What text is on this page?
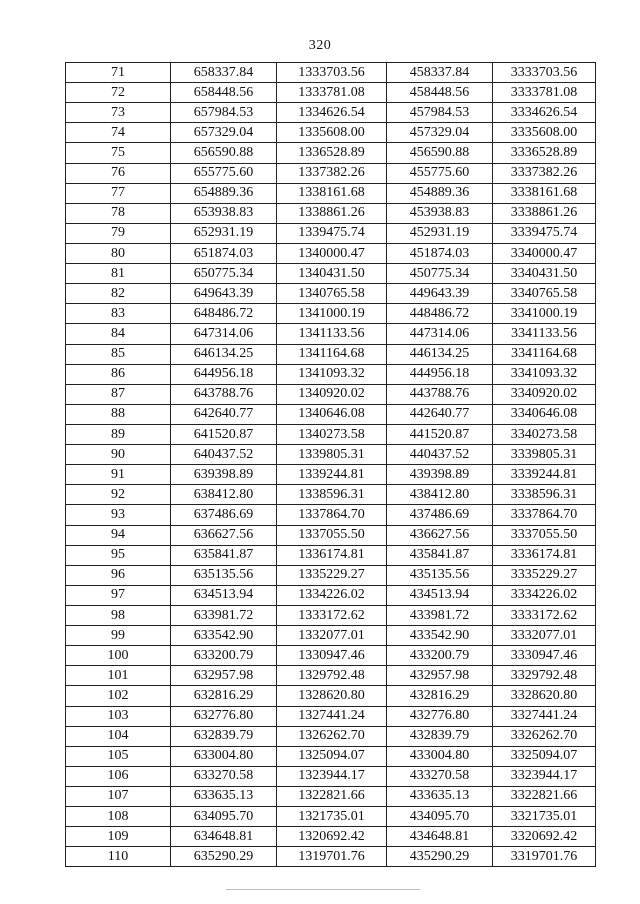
320
71	658337.84	1333703.56	458337.84	3333703.56
72	658448.56	1333781.08	458448.56	3333781.08
73	657984.53	1334626.54	457984.53	3334626.54
74	657329.04	1335608.00	457329.04	3335608.00
75	656590.88	1336528.89	456590.88	3336528.89
76	655775.60	1337382.26	455775.60	3337382.26
77	654889.36	1338161.68	454889.36	3338161.68
78	653938.83	1338861.26	453938.83	3338861.26
79	652931.19	1339475.74	452931.19	3339475.74
80	651874.03	1340000.47	451874.03	3340000.47
81	650775.34	1340431.50	450775.34	3340431.50
82	649643.39	1340765.58	449643.39	3340765.58
83	648486.72	1341000.19	448486.72	3341000.19
84	647314.06	1341133.56	447314.06	3341133.56
85	646134.25	1341164.68	446134.25	3341164.68
86	644956.18	1341093.32	444956.18	3341093.32
87	643788.76	1340920.02	443788.76	3340920.02
88	642640.77	1340646.08	442640.77	3340646.08
89	641520.87	1340273.58	441520.87	3340273.58
90	640437.52	1339805.31	440437.52	3339805.31
91	639398.89	1339244.81	439398.89	3339244.81
92	638412.80	1338596.31	438412.80	3338596.31
93	637486.69	1337864.70	437486.69	3337864.70
94	636627.56	1337055.50	436627.56	3337055.50
95	635841.87	1336174.81	435841.87	3336174.81
96	635135.56	1335229.27	435135.56	3335229.27
97	634513.94	1334226.02	434513.94	3334226.02
98	633981.72	1333172.62	433981.72	3333172.62
99	633542.90	1332077.01	433542.90	3332077.01
100	633200.79	1330947.46	433200.79	3330947.46
101	632957.98	1329792.48	432957.98	3329792.48
102	632816.29	1328620.80	432816.29	3328620.80
103	632776.80	1327441.24	432776.80	3327441.24
104	632839.79	1326262.70	432839.79	3326262.70
105	633004.80	1325094.07	433004.80	3325094.07
106	633270.58	1323944.17	433270.58	3323944.17
107	633635.13	1322821.66	433635.13	3322821.66
108	634095.70	1321735.01	434095.70	3321735.01
109	634648.81	1320692.42	434648.81	3320692.42
110	635290.29	1319701.76	435290.29	3319701.76
